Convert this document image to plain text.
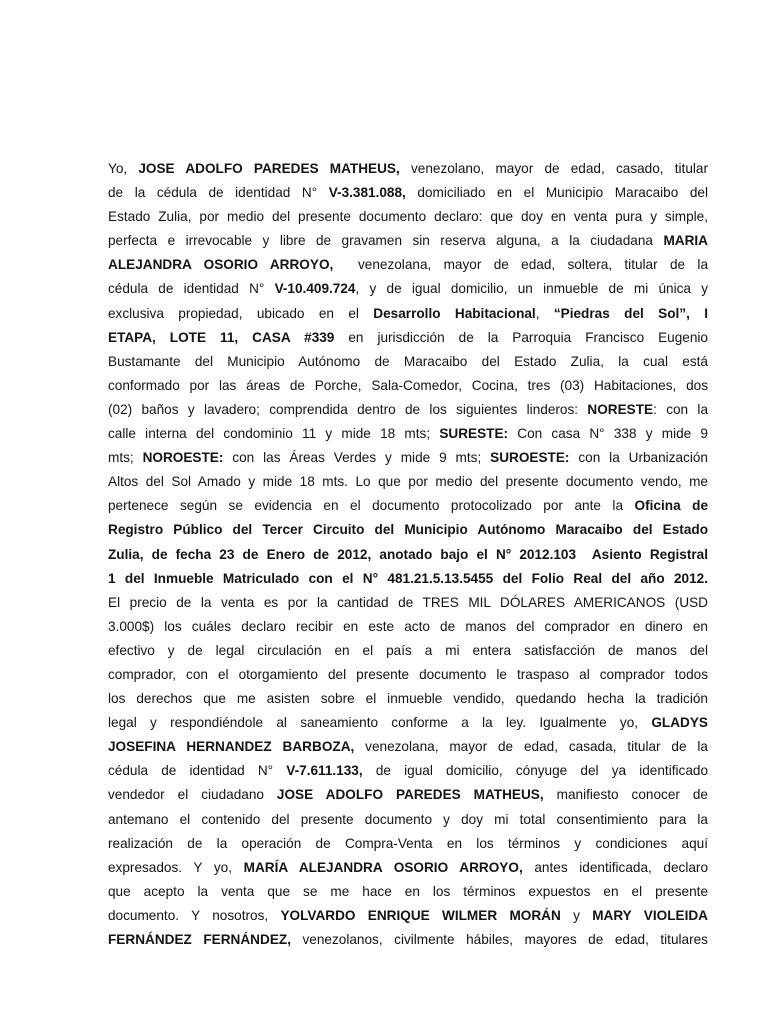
Yo, JOSE ADOLFO PAREDES MATHEUS, venezolano, mayor de edad, casado, titular
de la cédula de identidad N° V-3.381.088, domiciliado en el Municipio Maracaibo del
Estado Zulia, por medio del presente documento declaro: que doy en venta pura y simple,
perfecta e irrevocable y libre de gravamen sin reserva alguna, a la ciudadana MARIA
ALEJANDRA OSORIO ARROYO,  venezolana, mayor de edad, soltera, titular de la
cédula de identidad N° V-10.409.724, y de igual domicilio, un inmueble de mi única y
exclusiva propiedad, ubicado en el Desarrollo Habitacional, “Piedras del Sol”, I
ETAPA, LOTE 11, CASA #339 en jurisdicción de la Parroquia Francisco Eugenio
Bustamante del Municipio Autónomo de Maracaibo del Estado Zulia, la cual está
conformado por las áreas de Porche, Sala-Comedor, Cocina, tres (03) Habitaciones, dos
(02) baños y lavadero; comprendida dentro de los siguientes linderos: NORESTE: con la
calle interna del condominio 11 y mide 18 mts; SURESTE: Con casa N° 338 y mide 9
mts; NOROESTE: con las Áreas Verdes y mide 9 mts; SUROESTE: con la Urbanización
Altos del Sol Amado y mide 18 mts. Lo que por medio del presente documento vendo, me
pertenece según se evidencia en el documento protocolizado por ante la Oficina de
Registro Público del Tercer Circuito del Municipio Autónomo Maracaibo del Estado
Zulia, de fecha 23 de Enero de 2012, anotado bajo el N° 2012.103  Asiento Registral
1 del Inmueble Matriculado con el N° 481.21.5.13.5455 del Folio Real del año 2012.
El precio de la venta es por la cantidad de TRES MIL DÓLARES AMERICANOS (USD
3.000$) los cuáles declaro recibir en este acto de manos del comprador en dinero en
efectivo y de legal circulación en el país a mi entera satisfacción de manos del
comprador, con el otorgamiento del presente documento le traspaso al comprador todos
los derechos que me asisten sobre el inmueble vendido, quedando hecha la tradición
legal y respondiéndole al saneamiento conforme a la ley. Igualmente yo, GLADYS
JOSEFINA HERNANDEZ BARBOZA, venezolana, mayor de edad, casada, titular de la
cédula de identidad N° V-7.611.133, de igual domicilio, cónyuge del ya identificado
vendedor el ciudadano JOSE ADOLFO PAREDES MATHEUS, manifiesto conocer de
antemano el contenido del presente documento y doy mi total consentimiento para la
realización de la operación de Compra-Venta en los términos y condiciones aquí
expresados. Y yo, MARÍA ALEJANDRA OSORIO ARROYO, antes identificada, declaro
que acepto la venta que se me hace en los términos expuestos en el presente
documento. Y nosotros, YOLVARDO ENRIQUE WILMER MORÁN y MARY VIOLEIDA
FERNÁNDEZ FERNÁNDEZ, venezolanos, civilmente hábiles, mayores de edad, titulares
